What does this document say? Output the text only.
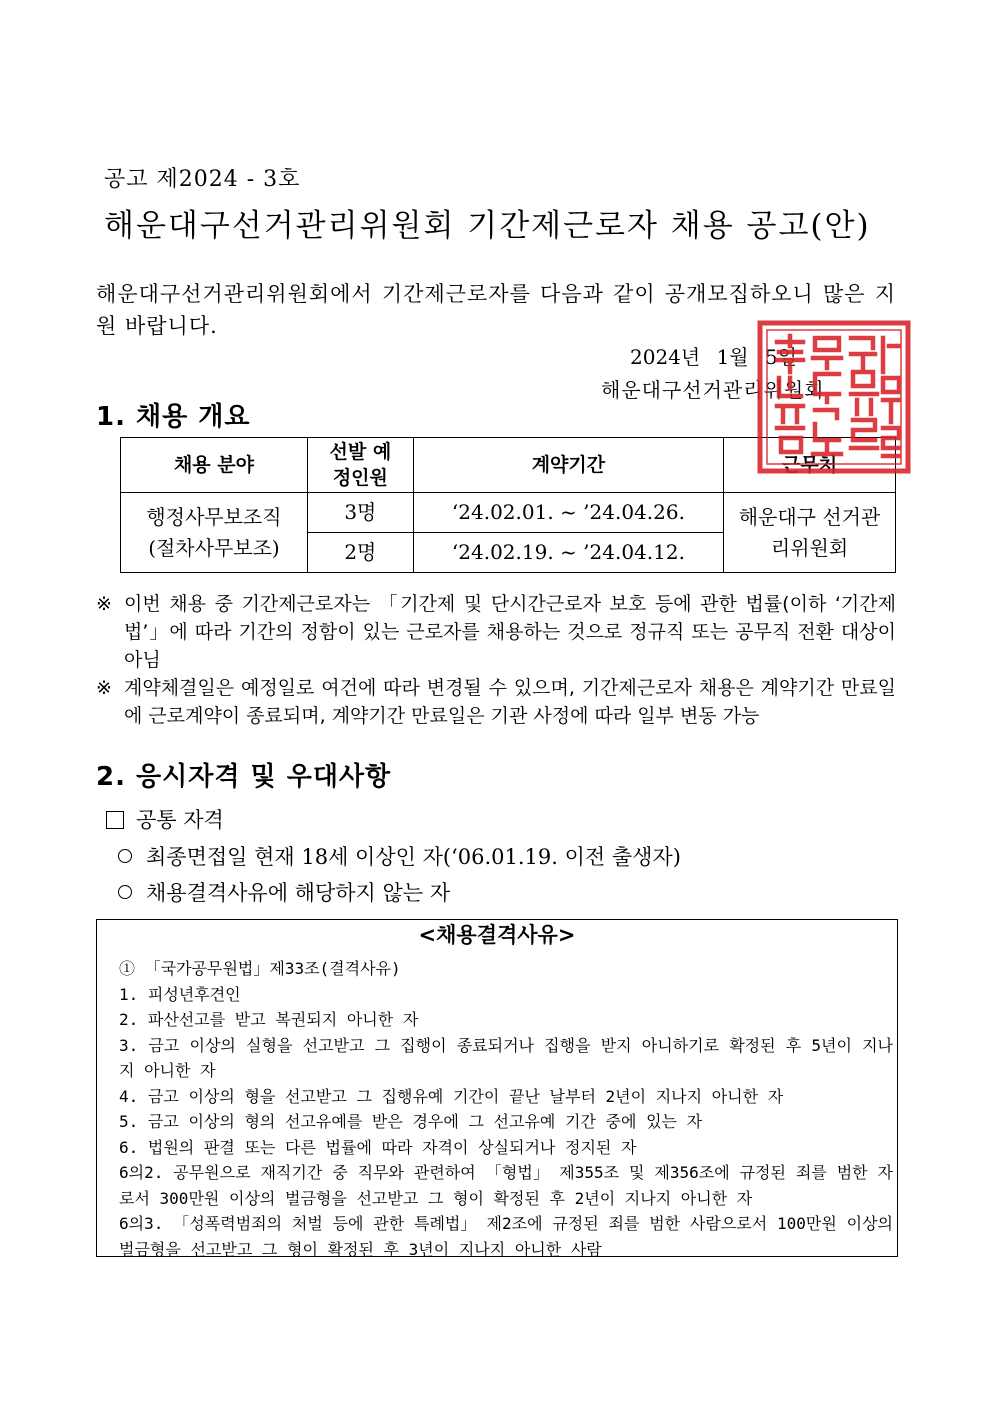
공고 제2024 - 3호
해운대구선거관리위원회 기간제근로자 채용 공고(안)
해운대구선거관리위원회에서 기간제근로자를 다음과 같이 공개모집하오니 많은 지원 바랍니다.
2024년 1월 5일
해운대구선거관리위원회
1. 채용 개요
채용 분야	선발 예정인원	계약기간	근무처

행정사무보조직 (절차사무보조)	3명	‘24.02.01. ~ ’24.04.26.	해운대구 선거관리위원회

	2명	‘24.02.19. ~ ’24.04.12.	
※ 이번 채용 중 기간제근로자는 「기간제 및 단시간근로자 보호 등에 관한 법률(이하 ‘기간제법’」에 따라 기간의 정함이 있는 근로자를 채용하는 것으로 정규직 또는 공무직 전환 대상이 아님
※ 계약체결일은 예정일로 여건에 따라 변경될 수 있으며, 기간제근로자 채용은 계약기간 만료일에 근로계약이 종료되며, 계약기간 만료일은 기관 사정에 따라 일부 변동 가능
2. 응시자격 및 우대사항
공통 자격
최종면접일 현재 18세 이상인 자(‘06.01.19. 이전 출생자)
채용결격사유에 해당하지 않는 자
<채용결격사유>
① 「국가공무원법」제33조(결격사유)
1. 피성년후견인
2. 파산선고를 받고 복권되지 아니한 자
3. 금고 이상의 실형을 선고받고 그 집행이 종료되거나 집행을 받지 아니하기로 확정된 후 5년이 지나지 아니한 자
4. 금고 이상의 형을 선고받고 그 집행유예 기간이 끝난 날부터 2년이 지나지 아니한 자
5. 금고 이상의 형의 선고유예를 받은 경우에 그 선고유예 기간 중에 있는 자
6. 법원의 판결 또는 다른 법률에 따라 자격이 상실되거나 정지된 자
6의2. 공무원으로 재직기간 중 직무와 관련하여 「형법」 제355조 및 제356조에 규정된 죄를 범한 자로서 300만원 이상의 벌금형을 선고받고 그 형이 확정된 후 2년이 지나지 아니한 자
6의3. 「성폭력범죄의 처벌 등에 관한 특례법」 제2조에 규정된 죄를 범한 사람으로서 100만원 이상의 벌금형을 선고받고 그 형이 확정된 후 3년이 지나지 아니한 사람
